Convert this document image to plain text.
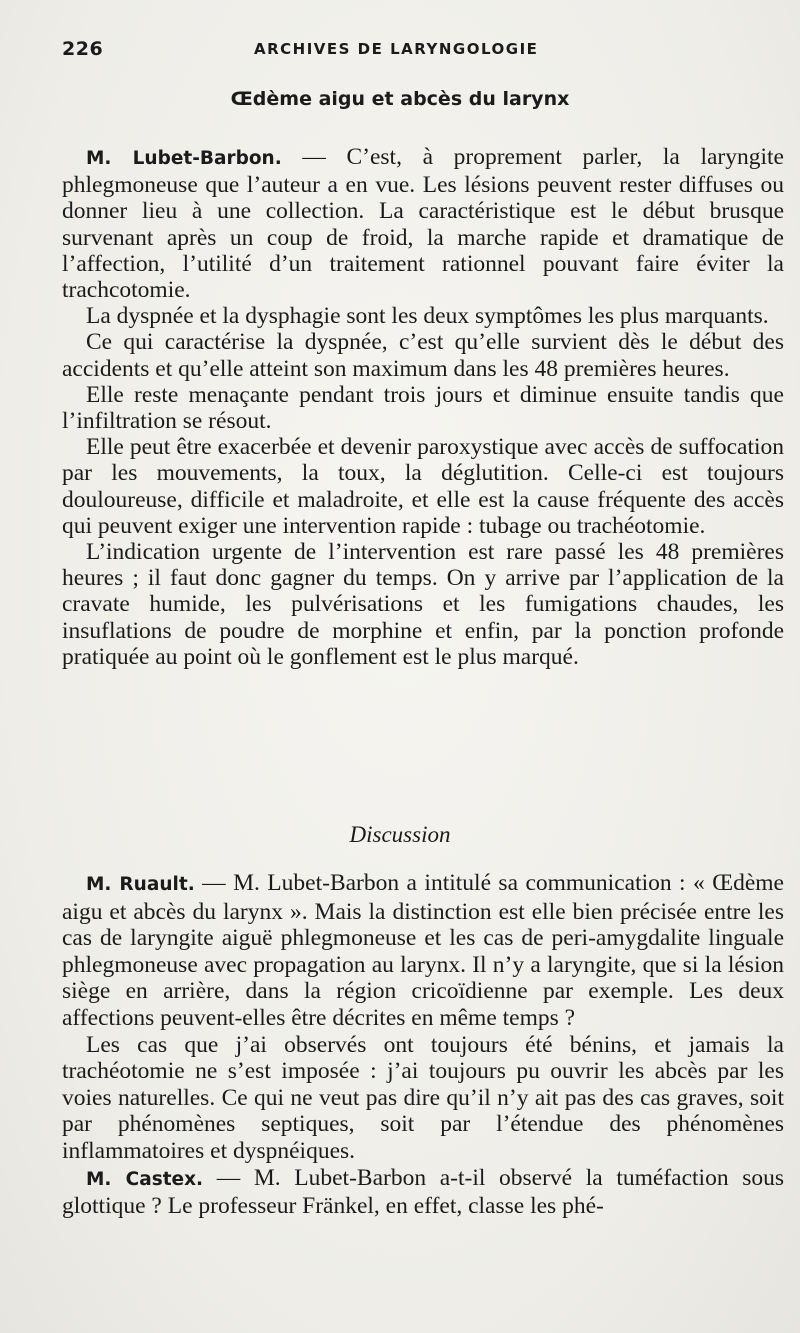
226	ARCHIVES DE LARYNGOLOGIE
Œdème aigu et abcès du larynx

M. Lubet-Barbon. — C’est, à proprement parler, la laryngite phlegmoneuse que l’auteur a en vue. Les lésions peuvent rester diffuses ou donner lieu à une collection. La caractéristique est le début brusque survenant après un coup de froid, la marche rapide et dramatique de l’affection, l’utilité d’un traitement rationnel pouvant faire éviter la trachcotomie.

La dyspnée et la dysphagie sont les deux symptômes les plus marquants.

Ce qui caractérise la dyspnée, c’est qu’elle survient dès le début des accidents et qu’elle atteint son maximum dans les 48 premières heures.

Elle reste menaçante pendant trois jours et diminue ensuite tandis que l’infiltration se résout.

Elle peut être exacerbée et devenir paroxystique avec accès de suffocation par les mouvements, la toux, la déglutition. Celle-ci est toujours douloureuse, difficile et maladroite, et elle est la cause fréquente des accès qui peuvent exiger une intervention rapide : tubage ou trachéotomie.

L’indication urgente de l’intervention est rare passé les 48 premières heures ; il faut donc gagner du temps. On y arrive par l’application de la cravate humide, les pulvérisations et les fumigations chaudes, les insuflations de poudre de morphine et enfin, par la ponction profonde pratiquée au point où le gonflement est le plus marqué.

Discussion

M. Ruault. — M. Lubet-Barbon a intitulé sa communication : « Œdème aigu et abcès du larynx ». Mais la distinction est elle bien précisée entre les cas de laryngite aiguë phlegmoneuse et les cas de peri-amygdalite linguale phlegmoneuse avec propagation au larynx. Il n’y a laryngite, que si la lésion siège en arrière, dans la région cricoïdienne par exemple. Les deux affections peuvent-elles être décrites en même temps ?

Les cas que j’ai observés ont toujours été bénins, et jamais la trachéotomie ne s’est imposée : j’ai toujours pu ouvrir les abcès par les voies naturelles. Ce qui ne veut pas dire qu’il n’y ait pas des cas graves, soit par phénomènes septiques, soit par l’étendue des phénomènes inflammatoires et dyspnéiques.

M. Castex. — M. Lubet-Barbon a-t-il observé la tuméfaction sous glottique ? Le professeur Fränkel, en effet, classe les phé-
